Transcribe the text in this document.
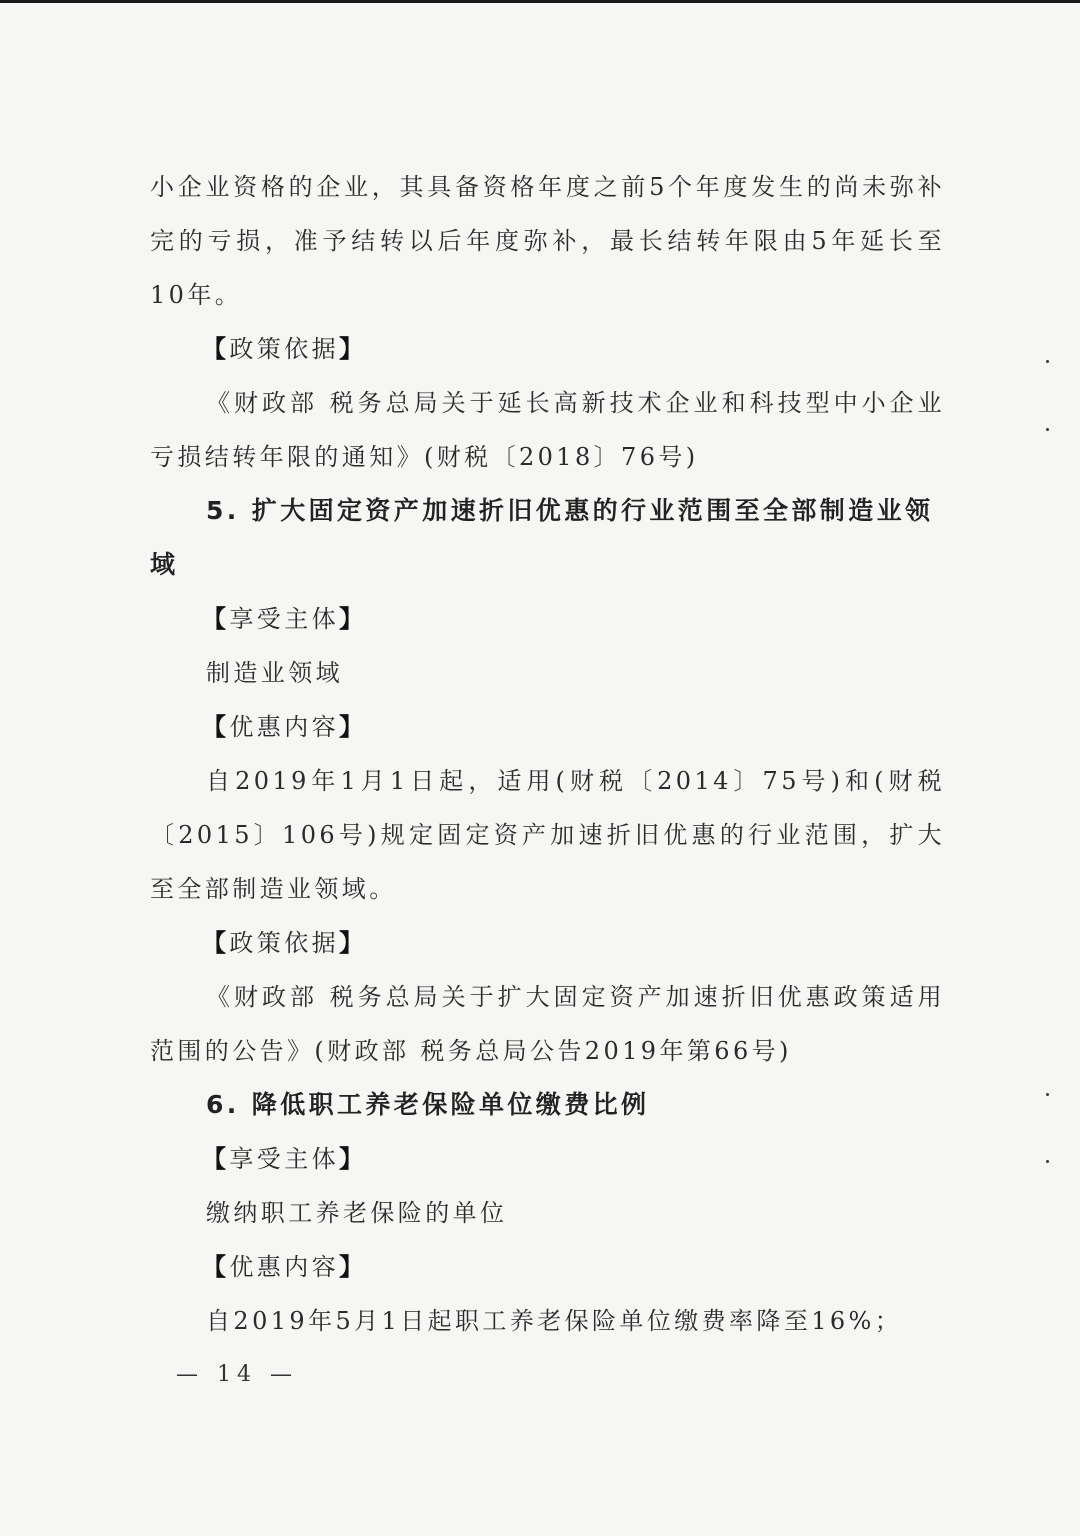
小企业资格的企业，其具备资格年度之前5个年度发生的尚未弥补完的亏损，准予结转以后年度弥补，最长结转年限由5年延长至10年。

【政策依据】

《财政部 税务总局关于延长高新技术企业和科技型中小企业亏损结转年限的通知》(财税〔2018〕76号)

5. 扩大固定资产加速折旧优惠的行业范围至全部制造业领域

【享受主体】

制造业领域

【优惠内容】

自2019年1月1日起，适用(财税〔2014〕75号)和(财税〔2015〕106号)规定固定资产加速折旧优惠的行业范围，扩大至全部制造业领域。

【政策依据】

《财政部 税务总局关于扩大固定资产加速折旧优惠政策适用范围的公告》(财政部 税务总局公告2019年第66号)

6. 降低职工养老保险单位缴费比例

【享受主体】

缴纳职工养老保险的单位

【优惠内容】

自2019年5月1日起职工养老保险单位缴费率降至16%；

— 14 —
